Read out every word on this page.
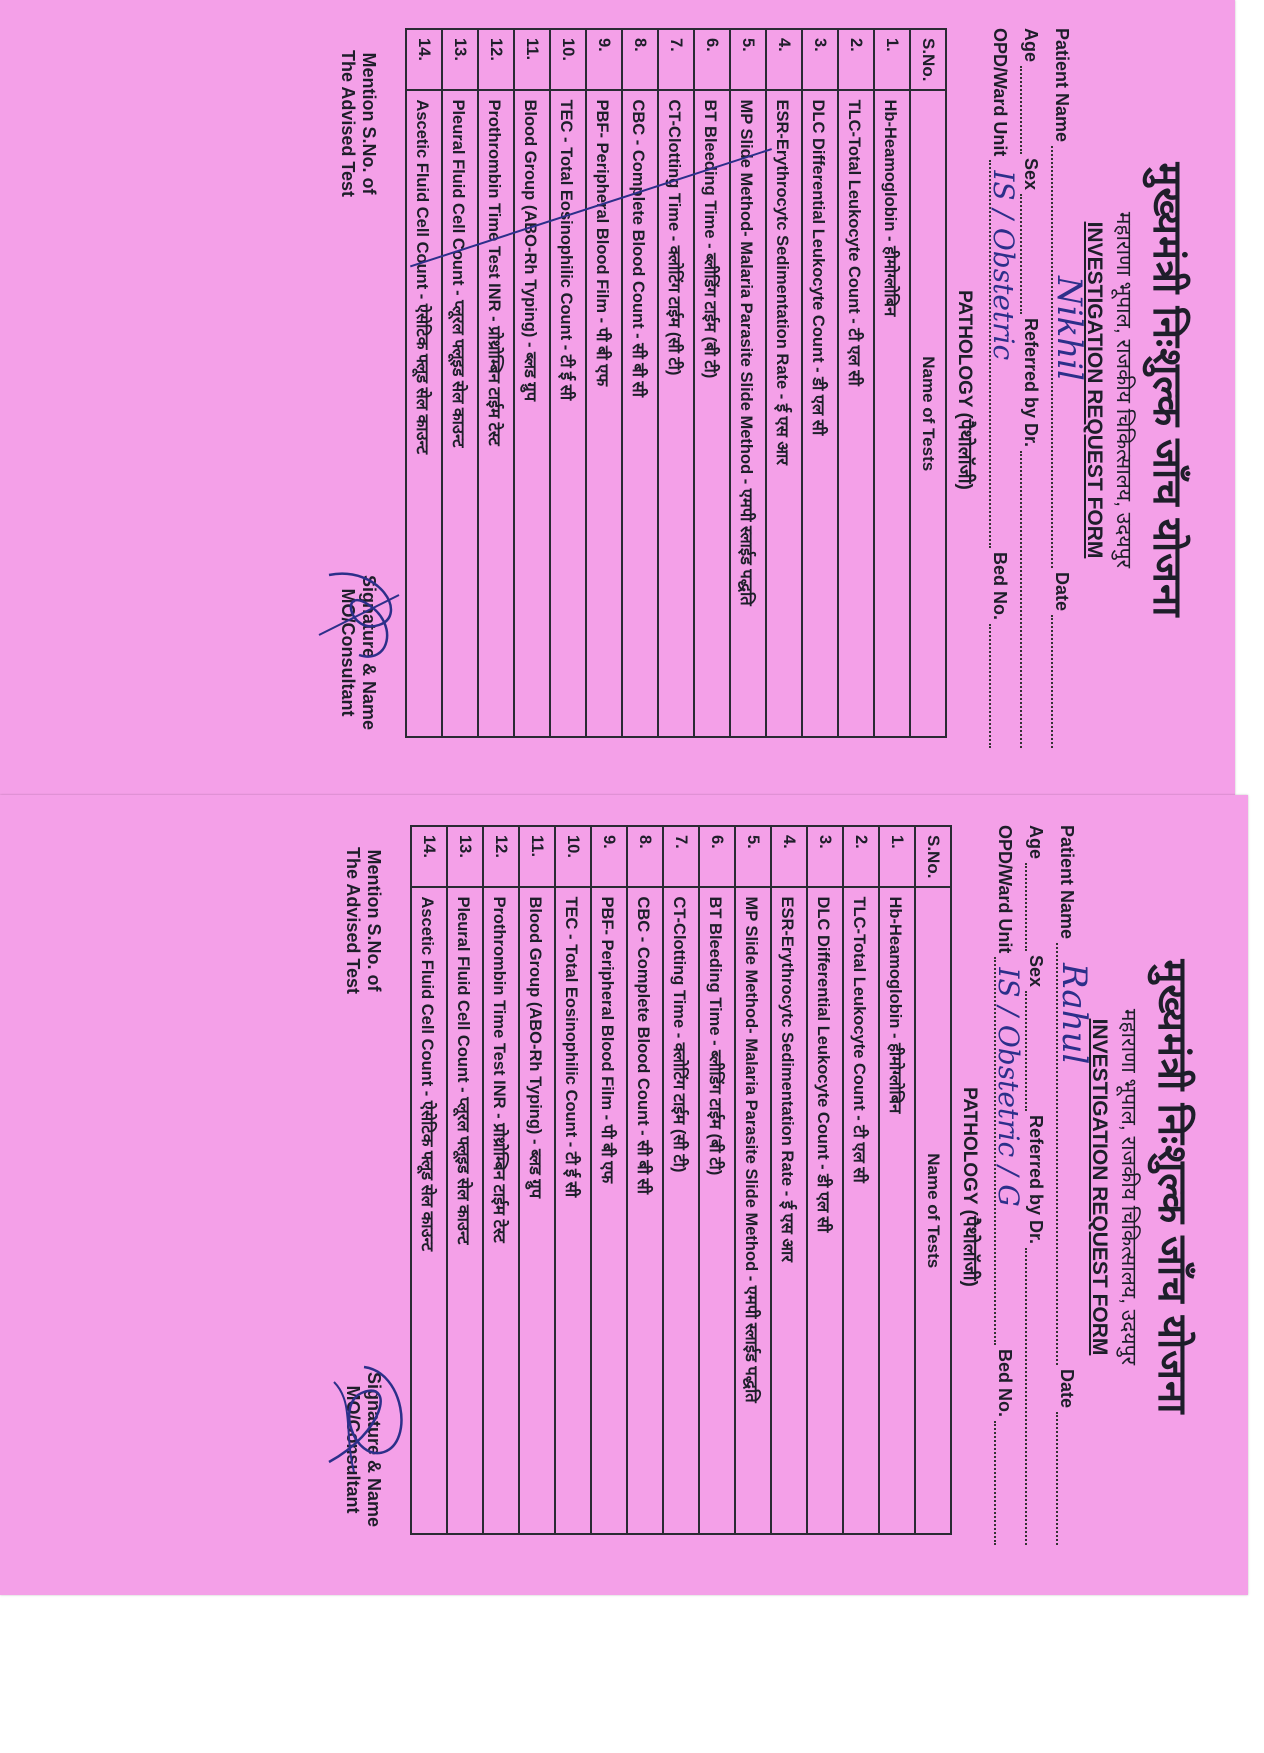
मुख्यमंत्री निःशुल्क जाँच योजना
महाराणा भूपाल, राजकीय चिकित्सालय, उदयपुर
INVESTIGATION REQUEST FORM
Patient Name
Nikhil
Date
Age
Sex
Referred by Dr.
OPD/Ward Unit
IS / Obstetric
Bed No.
PATHOLOGY (पैथोलॉजी)
S.No.	Name of Tests
1.	Hb-Heamoglobin - हीमोग्लोबिन
2.	TLC-Total Leukocyte Count - टी एल सी
3.	DLC Differential Leukocyte Count - डी एल सी
4.	ESR-Erythrocytc Sedimentation Rate - ई एस आर
5.	MP Slide Method- Malaria Parasite Slide Method - एमपी स्लाईड पद्धति
6.	BT Bleeding Time - ब्लीडिंग टाईम (बी टी)
7.	CT-Clotting Time - क्लोटिंग टाईम (सी टी)
8.	CBC - Complete Blood Count - सी बी सी
9.	PBF- Peripheral Blood Film - पी बी एफ
10.	TEC - Total Eosinophilic Count - टी ई सी
11.	Blood Group (ABO-Rh Typing) - ब्लड ग्रुप
12.	Prothrombin Time Test INR - प्रोथ्रोम्बिन टाईम टेस्ट
13.	Pleural Fluid Cell Count - प्लूरल फ्लूइड सेल काउन्ट
14.	Ascetic Fluid Cell Count - ऐसेटिक फ्लूड सेल काउन्ट
Mention S.No. of
The Advised Test
Signature & Name
MO/Consultant
मुख्यमंत्री निःशुल्क जाँच योजना
महाराणा भूपाल, राजकीय चिकित्सालय, उदयपुर
INVESTIGATION REQUEST FORM
Patient Name
Rahul
Date
Age
Sex
Referred by Dr.
OPD/Ward Unit
IS / Obstetric / G
Bed No.
PATHOLOGY (पैथोलॉजी)
S.No.	Name of Tests
1.	Hb-Heamoglobin - हीमोग्लोबिन
2.	TLC-Total Leukocyte Count - टी एल सी
3.	DLC Differential Leukocyte Count - डी एल सी
4.	ESR-Erythrocytc Sedimentation Rate - ई एस आर
5.	MP Slide Method- Malaria Parasite Slide Method - एमपी स्लाईड पद्धति
6.	BT Bleeding Time - ब्लीडिंग टाईम (बी टी)
7.	CT-Clotting Time - क्लोटिंग टाईम (सी टी)
8.	CBC - Complete Blood Count - सी बी सी
9.	PBF- Peripheral Blood Film - पी बी एफ
10.	TEC - Total Eosinophilic Count - टी ई सी
11.	Blood Group (ABO-Rh Typing) - ब्लड ग्रुप
12.	Prothrombin Time Test INR - प्रोथ्रोम्बिन टाईम टेस्ट
13.	Pleural Fluid Cell Count - प्लूरल फ्लूइड सेल काउन्ट
14.	Ascetic Fluid Cell Count - ऐसेटिक फ्लूड सेल काउन्ट
Mention S.No. of
The Advised Test
Signature & Name
MO/Consultant
